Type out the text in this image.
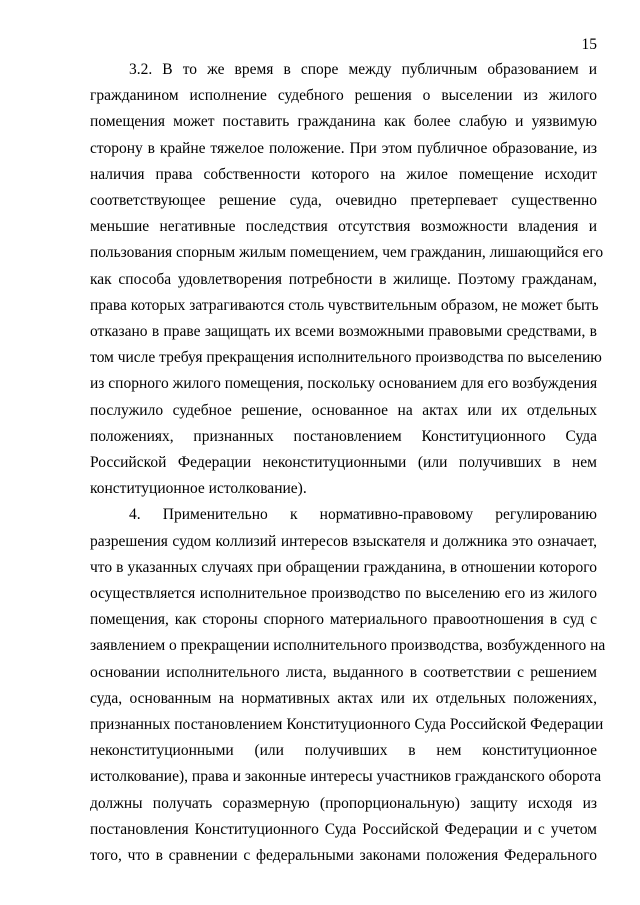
15
3.2. В то же время в споре между публичным образованием и
гражданином исполнение судебного решения о выселении из жилого
помещения может поставить гражданина как более слабую и уязвимую
сторону в крайне тяжелое положение. При этом публичное образование, из
наличия права собственности которого на жилое помещение исходит
соответствующее решение суда, очевидно претерпевает существенно
меньшие негативные последствия отсутствия возможности владения и
пользования спорным жилым помещением, чем гражданин, лишающийся его
как способа удовлетворения потребности в жилище. Поэтому гражданам,
права которых затрагиваются столь чувствительным образом, не может быть
отказано в праве защищать их всеми возможными правовыми средствами, в
том числе требуя прекращения исполнительного производства по выселению
из спорного жилого помещения, поскольку основанием для его возбуждения
послужило судебное решение, основанное на актах или их отдельных
положениях, признанных постановлением Конституционного Суда
Российской Федерации неконституционными (или получивших в нем
конституционное истолкование).
4. Применительно к нормативно-правовому регулированию
разрешения судом коллизий интересов взыскателя и должника это означает,
что в указанных случаях при обращении гражданина, в отношении которого
осуществляется исполнительное производство по выселению его из жилого
помещения, как стороны спорного материального правоотношения в суд с
заявлением о прекращении исполнительного производства, возбужденного на
основании исполнительного листа, выданного в соответствии с решением
суда, основанным на нормативных актах или их отдельных положениях,
признанных постановлением Конституционного Суда Российской Федерации
неконституционными (или получивших в нем конституционное
истолкование), права и законные интересы участников гражданского оборота
должны получать соразмерную (пропорциональную) защиту исходя из
постановления Конституционного Суда Российской Федерации и с учетом
того, что в сравнении с федеральными законами положения Федерального
